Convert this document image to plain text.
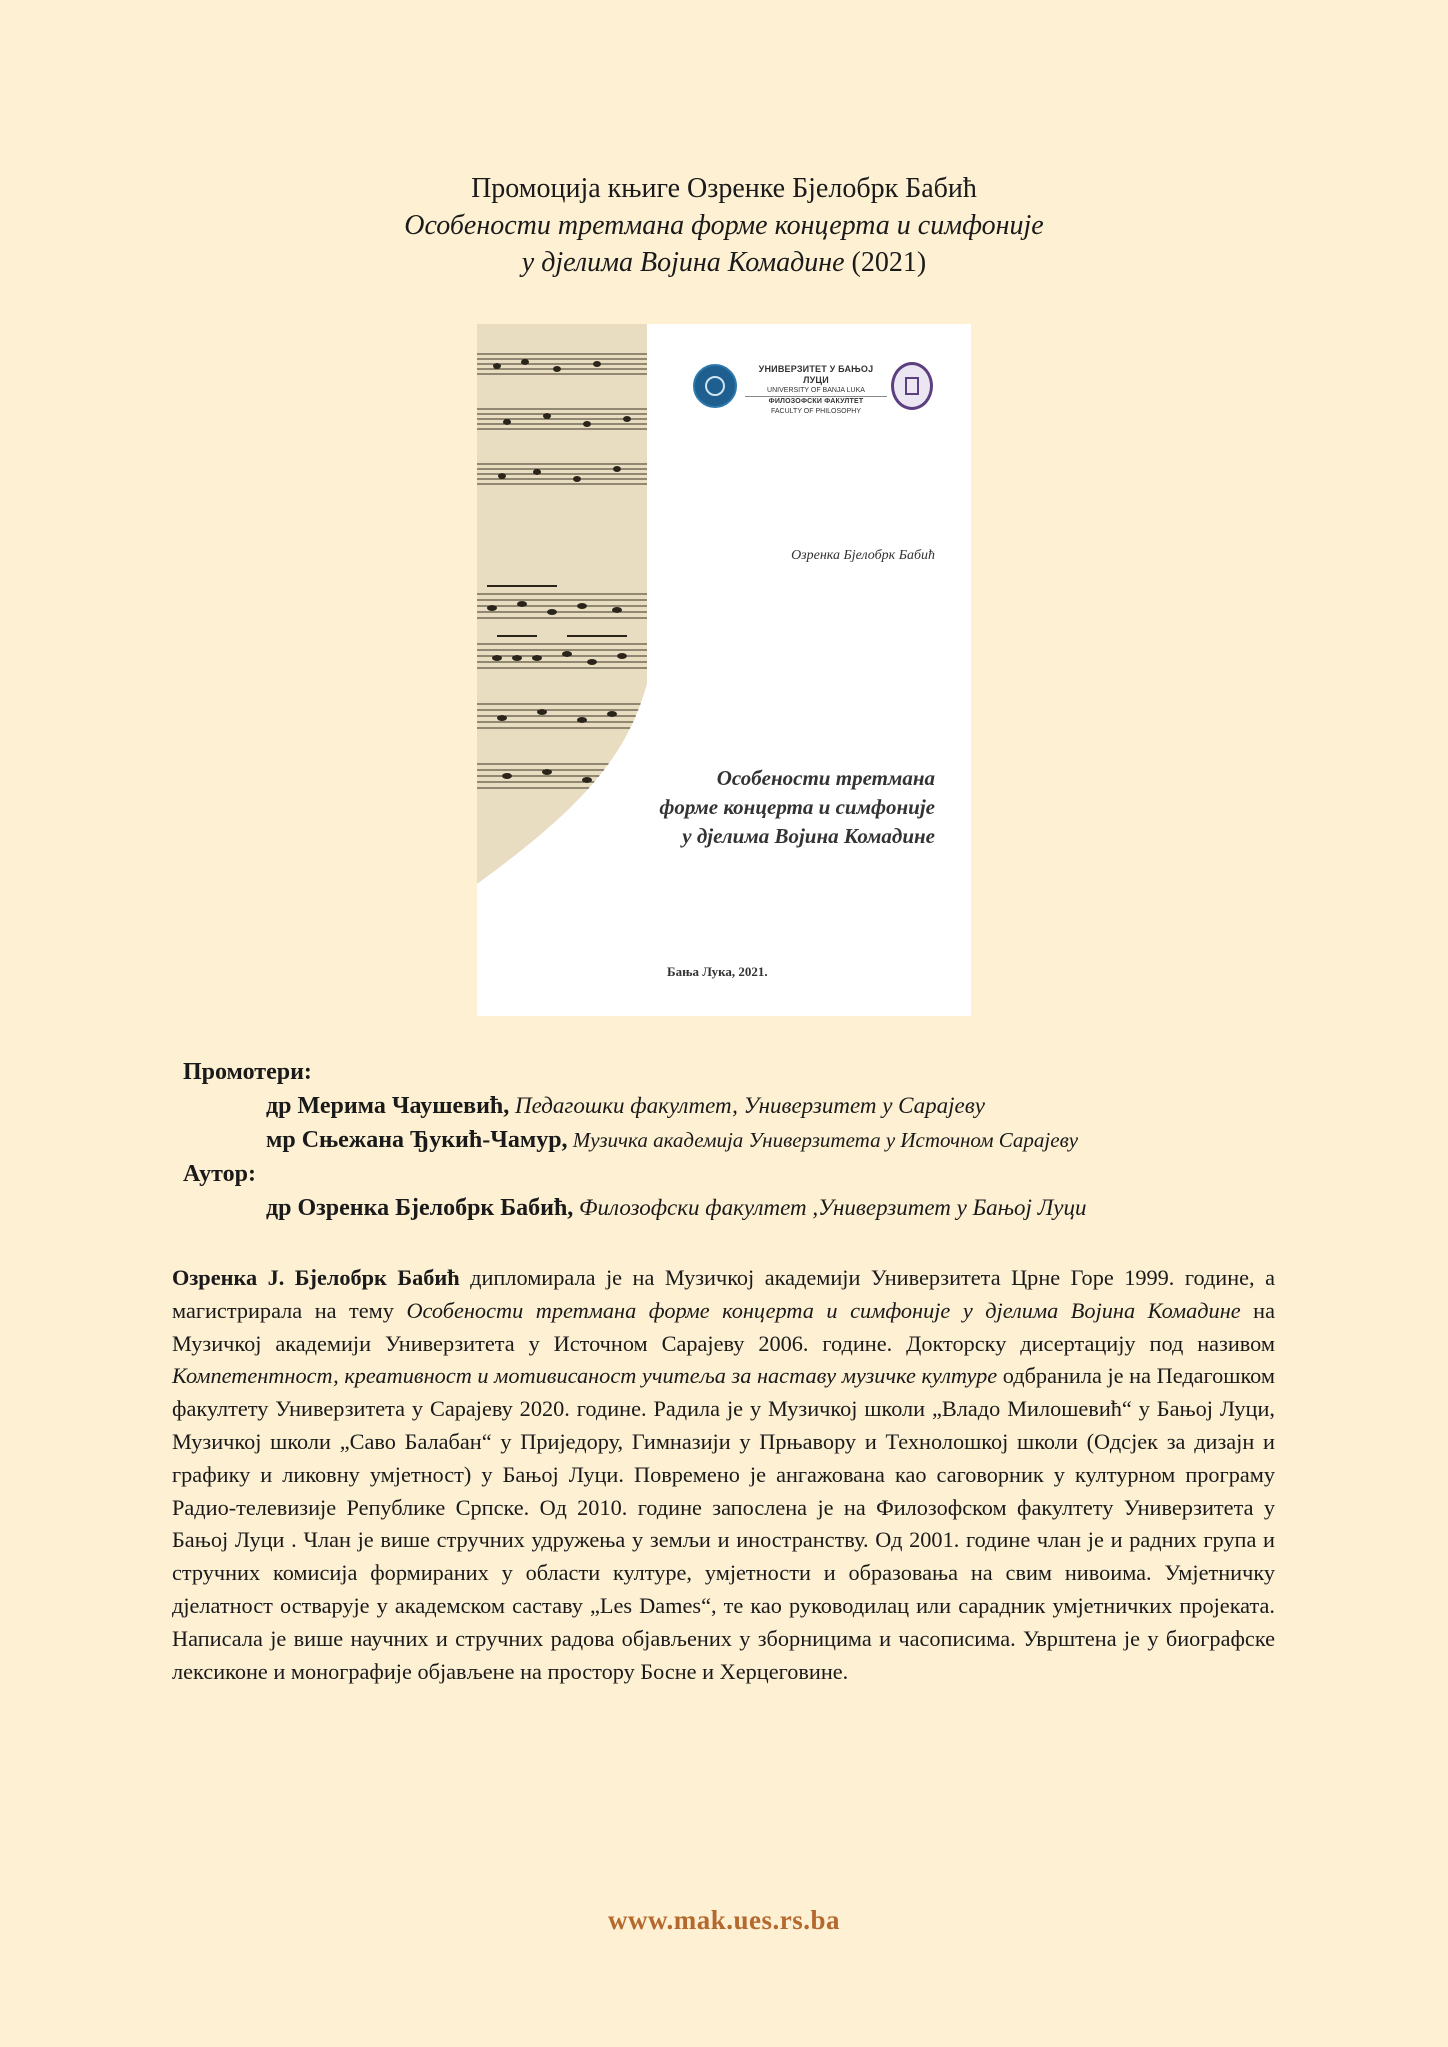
Промоција књиге Озренке Бјелобрк Бабић
Особености третмана форме концерта и симфоније
у дјелима Војина Комадине (2021)
УНИВЕРЗИТЕТ У БАЊОЈ ЛУЦИ
UNIVERSITY OF BANJA LUKA
ФИЛОЗОФСКИ ФАКУЛТЕТ
FACULTY OF PHILOSOPHY
Озренка Бјелобрк Бабић
Особености третмана
форме концерта и симфоније
у дјелима Војина Комадине
Бања Лука, 2021.
Промотери:
др Мерима Чаушевић, Педагошки факултет, Универзитет у Сарајеву
мр Сњежана Ђукић-Чамур, Музичка академија Универзитета у Источном Сарајеву
Аутор:
др Озренка Бјелобрк Бабић, Филозофски факултет ,Универзитет у Бањој Луци
Озренка Ј. Бјелобрк Бабић дипломирала је на Музичкој академији Универзитета Црне Горе 1999. године, а магистрирала на тему Особености третмана форме концерта и симфоније у дјелима Војина Комадине на Музичкој академији Универзитета у Источном Сарајеву 2006. године. Докторску дисертацију под називом Компетентност, креативност и мотивисаност учитеља за наставу музичке културе одбранила је на Педагошком факултету Универзитета у Сарајеву 2020. године. Радила је у Музичкој школи „Владо Милошевић“ у Бањој Луци, Музичкој школи „Саво Балабан“ у Приједору, Гимназији у Прњавору и Технолошкој школи (Одсјек за дизајн и графику и ликовну умјетност) у Бањој Луци. Повремено је ангажована као саговорник у културном програму Радио-телевизије Републике Српске. Од 2010. године запослена је на Филозофском факултету Универзитета у Бањој Луци . Члан је више стручних удружења у земљи и иностранству. Од 2001. године члан је и радних група и стручних комисија формираних у области културе, умјетности и образовања на свим нивоима. Умјетничку дјелатност остварује у академском саставу „Les Dames“, те као руководилац или сарадник умјетничких пројеката. Написала је више научних и стручних радова објављених у зборницима и часописима. Уврштена је у биографске лексиконе и монографије објављене на простору Босне и Херцеговине.
www.mak.ues.rs.ba
